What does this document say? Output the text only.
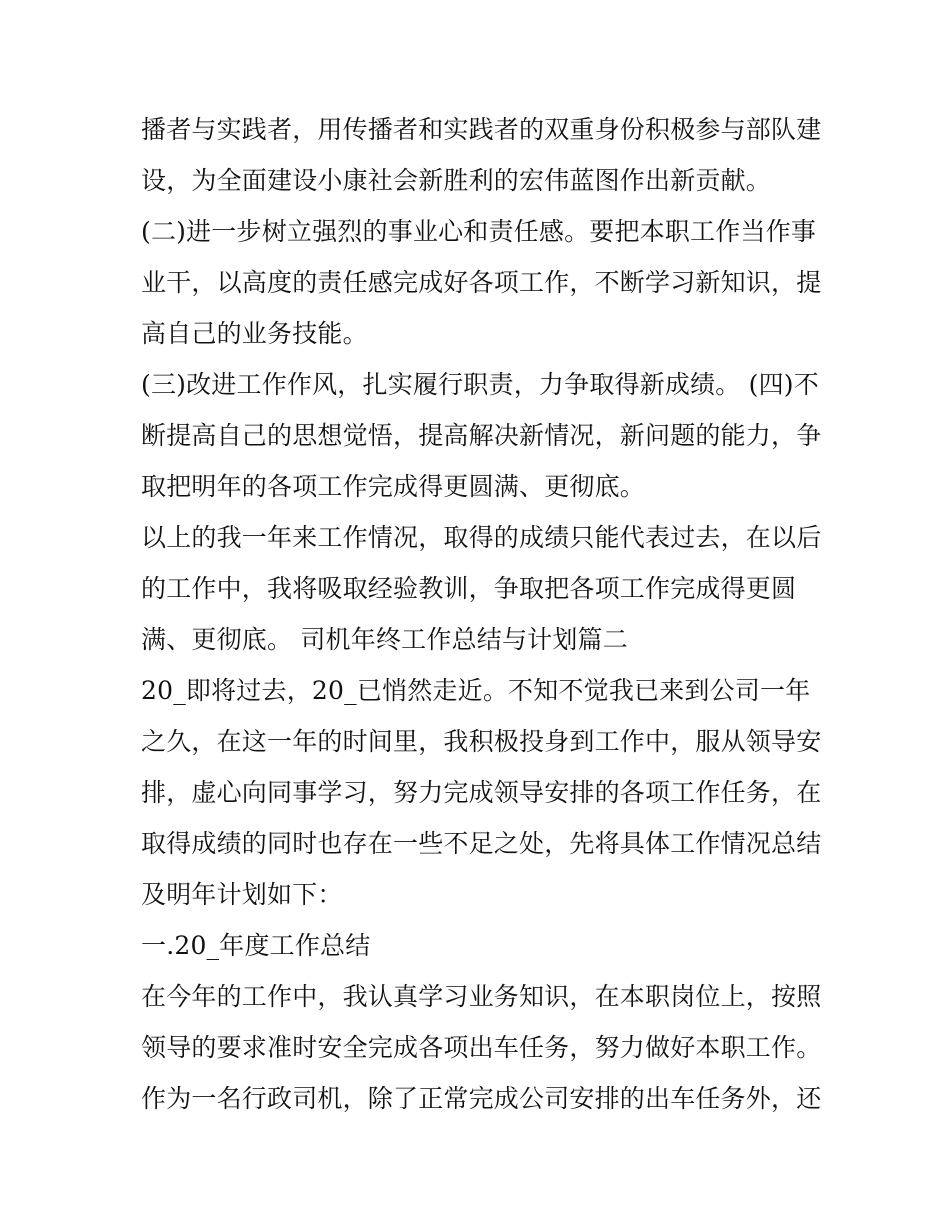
播者与实践者，用传播者和实践者的双重身份积极参与部队建
设，为全面建设小康社会新胜利的宏伟蓝图作出新贡献。
(二)进一步树立强烈的事业心和责任感。要把本职工作当作事
业干，以高度的责任感完成好各项工作，不断学习新知识，提
高自己的业务技能。
(三)改进工作作风，扎实履行职责，力争取得新成绩。 (四)不
断提高自己的思想觉悟，提高解决新情况，新问题的能力，争
取把明年的各项工作完成得更圆满、更彻底。
以上的我一年来工作情况，取得的成绩只能代表过去，在以后
的工作中，我将吸取经验教训，争取把各项工作完成得更圆
满、更彻底。 司机年终工作总结与计划篇二
20_即将过去，20_已悄然走近。不知不觉我已来到公司一年
之久，在这一年的时间里，我积极投身到工作中，服从领导安
排，虚心向同事学习，努力完成领导安排的各项工作任务，在
取得成绩的同时也存在一些不足之处，先将具体工作情况总结
及明年计划如下：
一.20_年度工作总结
在今年的工作中，我认真学习业务知识，在本职岗位上，按照
领导的要求准时安全完成各项出车任务，努力做好本职工作。
作为一名行政司机，除了正常完成公司安排的出车任务外，还
